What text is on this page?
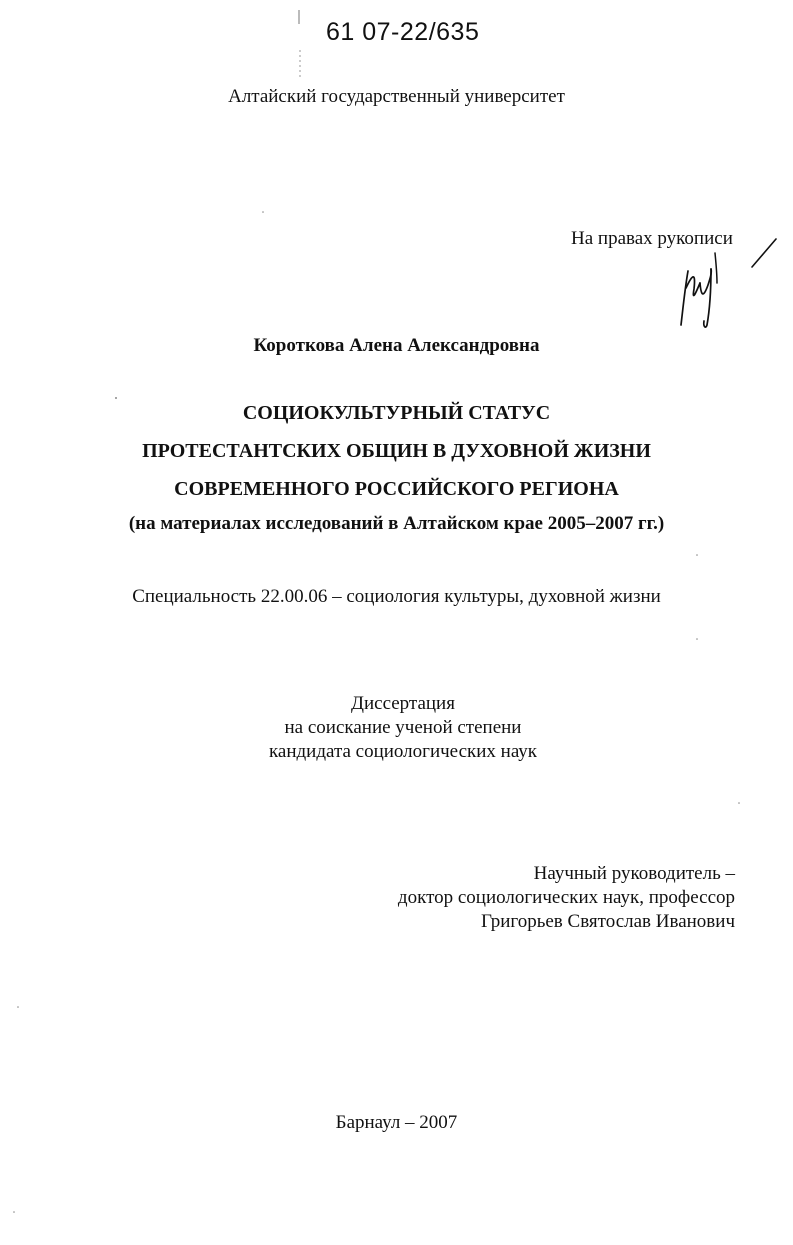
61 07-22/635
Алтайский государственный университет
На правах рукописи
Короткова Алена Александровна
СОЦИОКУЛЬТУРНЫЙ СТАТУС
ПРОТЕСТАНТСКИХ ОБЩИН В ДУХОВНОЙ ЖИЗНИ
СОВРЕМЕННОГО РОССИЙСКОГО РЕГИОНА
(на материалах исследований в Алтайском крае 2005–2007 гг.)
Специальность 22.00.06 – социология культуры, духовной жизни
Диссертация
на соискание ученой степени
кандидата социологических наук
Научный руководитель –
доктор социологических наук, профессор
Григорьев Святослав Иванович
Барнаул – 2007
